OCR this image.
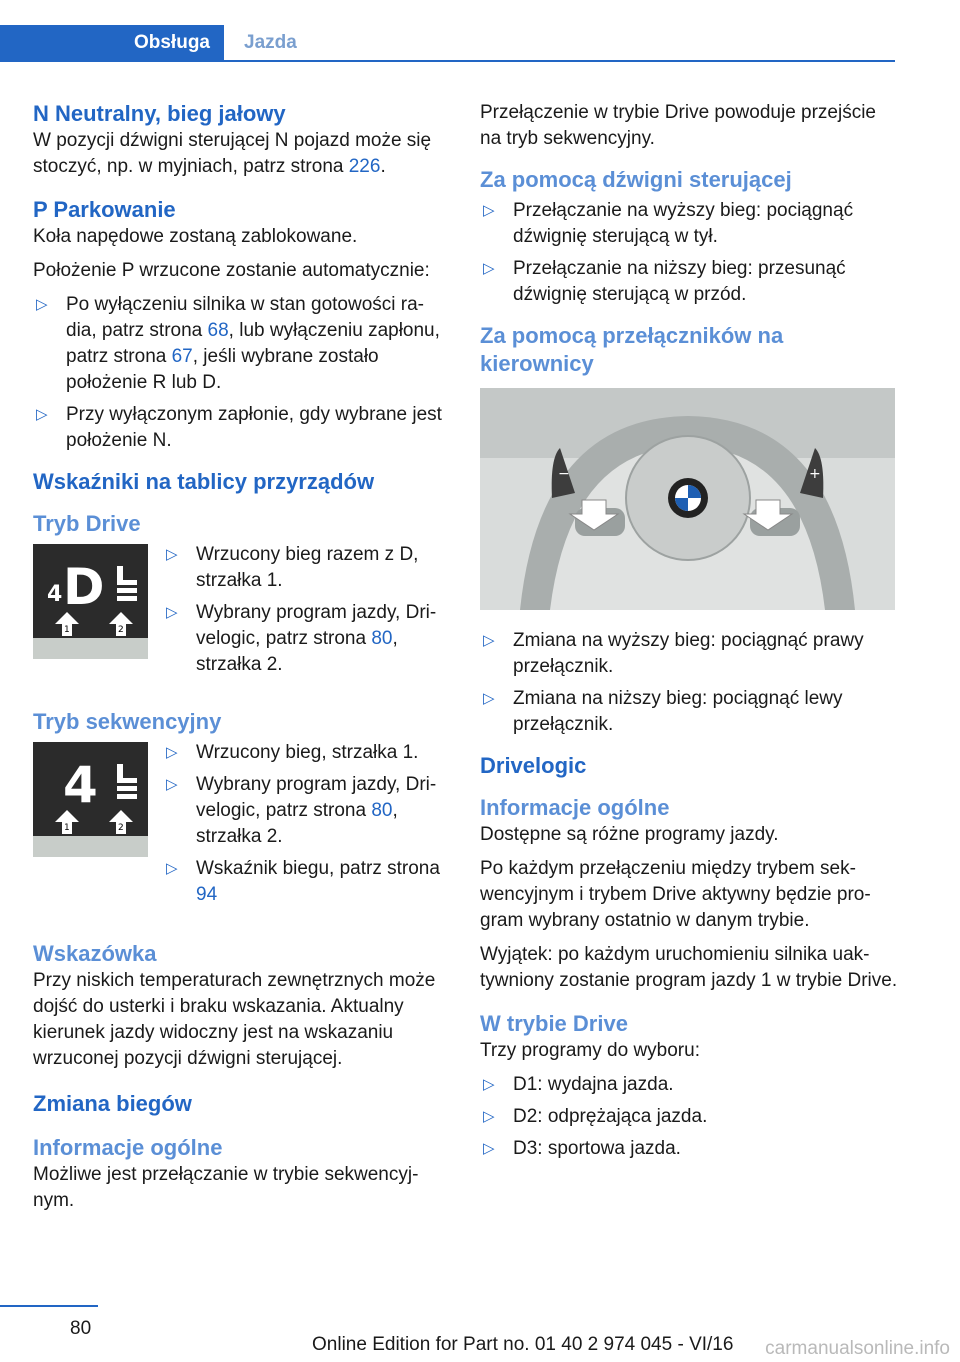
Obsługa	Jazda
N Neutralny, bieg jałowy

W pozycji dźwigni sterującej N pojazd może się stoczyć, np. w myjniach, patrz strona 226.

P Parkowanie

Koła napędowe zostaną zablokowane.

Położenie P wrzucone zostanie automatycznie:

▷ Po wyłączeniu silnika w stan gotowości radia, patrz strona 68, lub wyłączeniu zapłonu, patrz strona 67, jeśli wybrane zostało położenie R lub D.
▷ Przy wyłączonym zapłonie, gdy wybrane jest położenie N.
Wskaźniki na tablicy przyrządów
Tryb Drive
4 D
1	2
▷ Wrzucony bieg razem z D, strzałka 1.
▷ Wybrany program jazdy, Drivelogic, patrz strona 80, strzałka 2.
Tryb sekwencyjny
4
1	2
▷ Wrzucony bieg, strzałka 1.
▷ Wybrany program jazdy, Drivelogic, patrz strona 80, strzałka 2.
▷ Wskaźnik biegu, patrz strona 94
Wskazówka

Przy niskich temperaturach zewnętrznych może dojść do usterki i braku wskazania. Aktualny kierunek jazdy widoczny jest na wskazaniu wrzuconej pozycji dźwigni sterującej.

Zmiana biegów
Informacje ogólne

Możliwe jest przełączanie w trybie sekwencyjnym.

Przełączenie w trybie Drive powoduje przejście na tryb sekwencyjny.

Za pomocą dźwigni sterującej
▷ Przełączanie na wyższy bieg: pociągnąć dźwignię sterującą w tył.
▷ Przełączanie na niższy bieg: przesunąć dźwignię sterującą w przód.
Za pomocą przełączników na kierownicy
−	+
▷ Zmiana na wyższy bieg: pociągnąć prawy przełącznik.
▷ Zmiana na niższy bieg: pociągnąć lewy przełącznik.
Drivelogic
Informacje ogólne

Dostępne są różne programy jazdy.

Po każdym przełączeniu między trybem sekwencyjnym i trybem Drive aktywny będzie program wybrany ostatnio w danym trybie.

Wyjątek: po każdym uruchomieniu silnika uaktywniony zostanie program jazdy 1 w trybie Drive.

W trybie Drive

Trzy programy do wyboru:

▷ D1: wydajna jazda.
▷ D2: odprężająca jazda.
▷ D3: sportowa jazda.
80
Online Edition for Part no. 01 40 2 974 045 - VI/16 carmanualsonline.info
